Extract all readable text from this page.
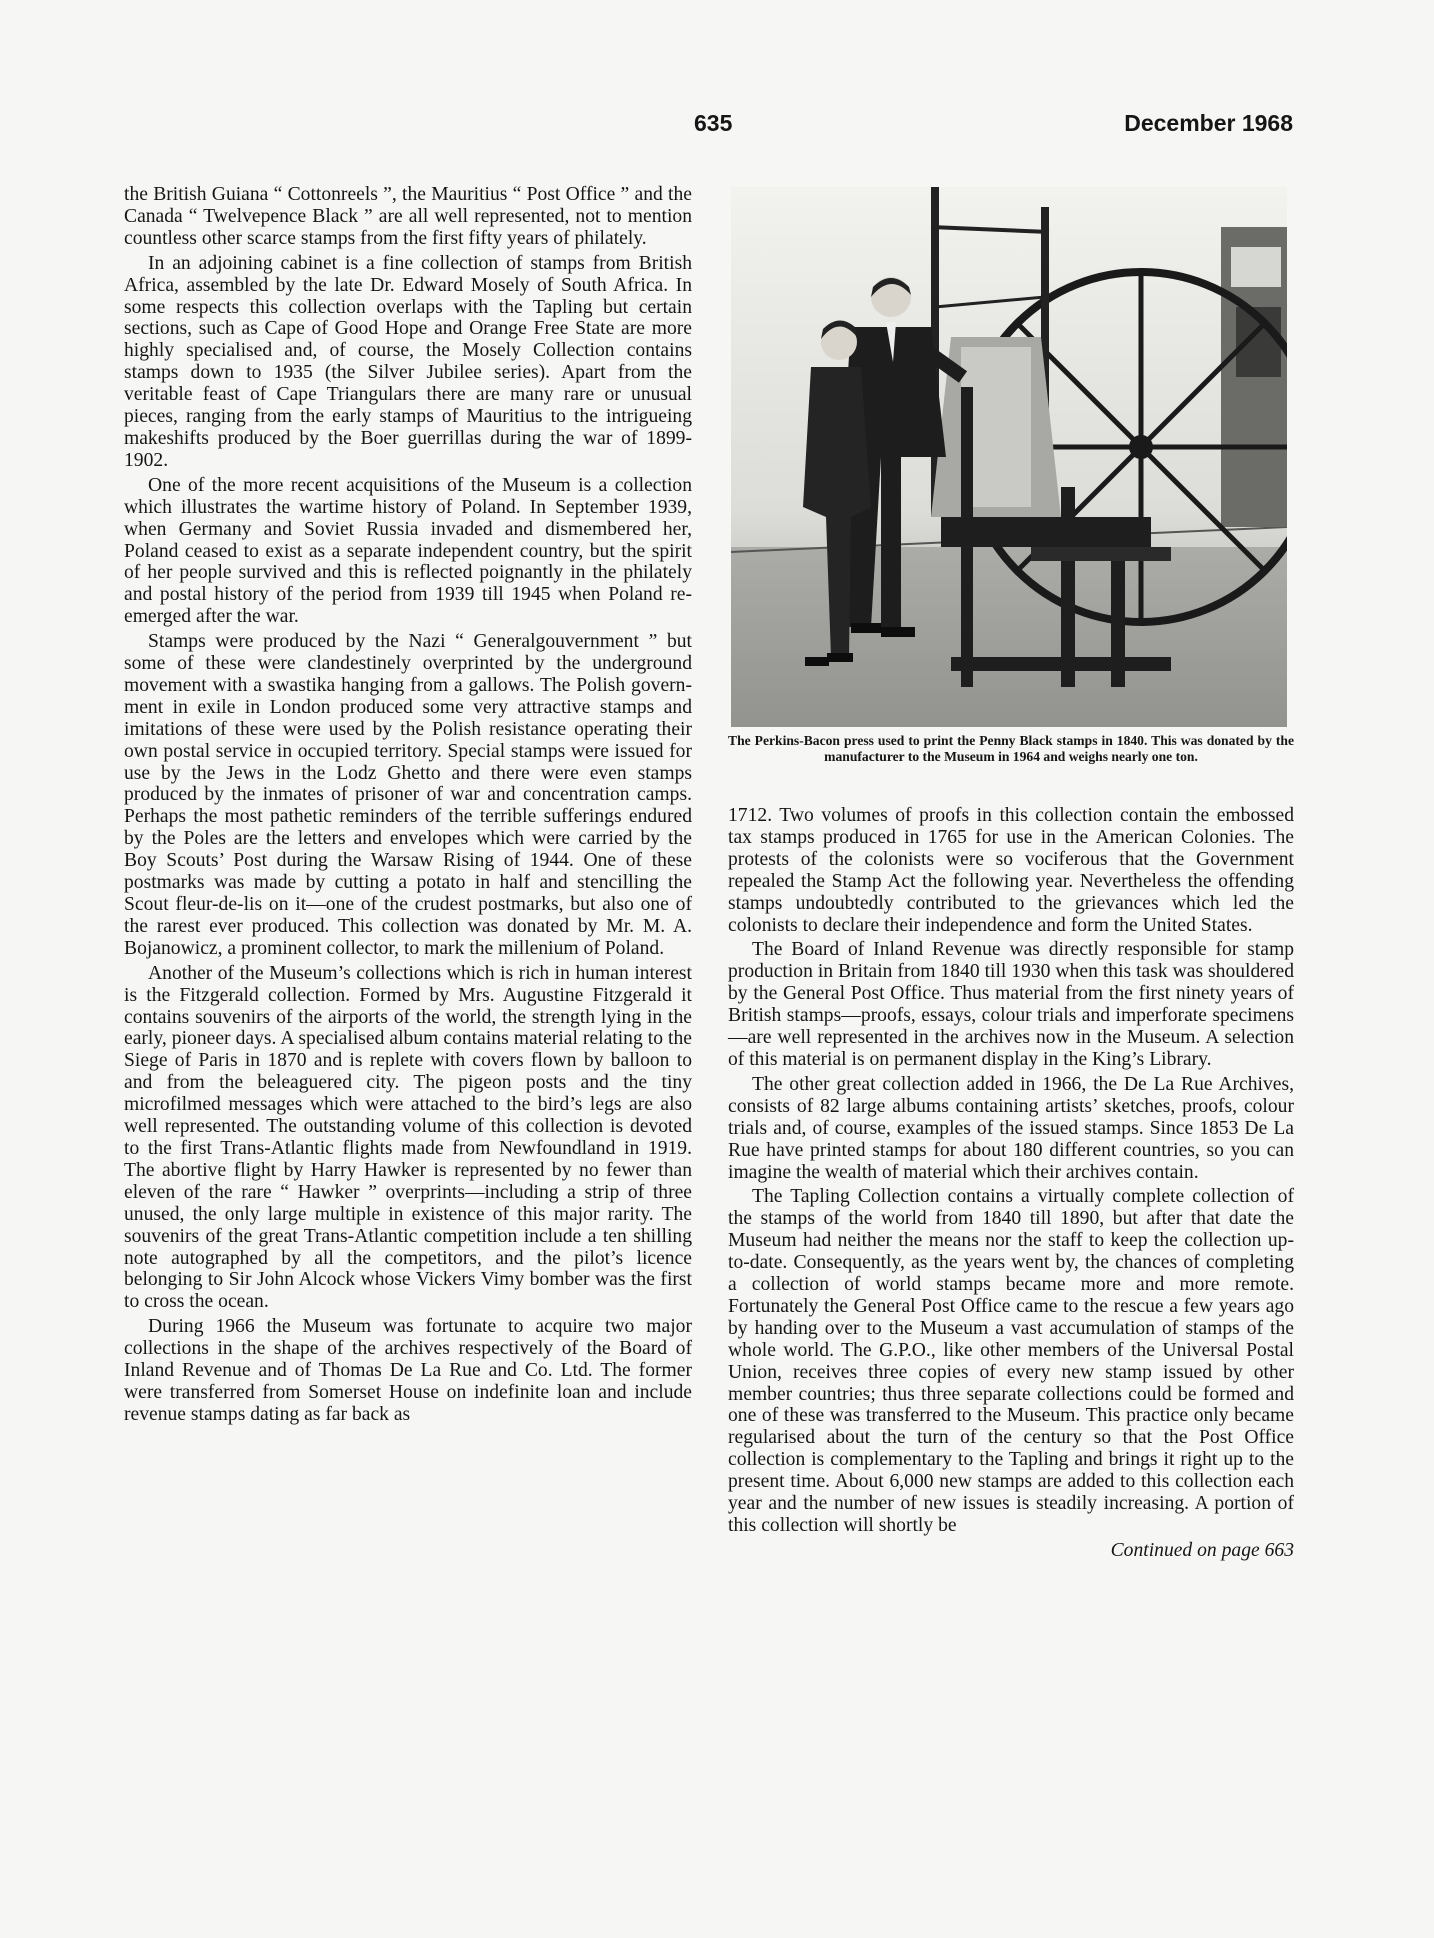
635	December 1968

the British Guiana “ Cottonreels ”, the Mauritius “ Post Office ” and the Canada “ Twelvepence Black ” are all well represented, not to mention countless other scarce stamps from the first fifty years of philately.

In an adjoining cabinet is a fine collection of stamps from British Africa, assembled by the late Dr. Edward Mosely of South Africa. In some respects this collection overlaps with the Tapling but certain sections, such as Cape of Good Hope and Orange Free State are more highly specialised and, of course, the Mosely Collection contains stamps down to 1935 (the Silver Jubilee series). Apart from the veritable feast of Cape Triangulars there are many rare or unusual pieces, ranging from the early stamps of Mauritius to the intrigueing makeshifts produced by the Boer guerrillas during the war of 1899-1902.

One of the more recent acquisitions of the Museum is a collection which illustrates the wartime history of Poland. In September 1939, when Germany and Soviet Russia invaded and dismembered her, Poland ceased to exist as a separate independent country, but the spirit of her people survived and this is reflected poignantly in the philately and postal history of the period from 1939 till 1945 when Poland re-emerged after the war.

Stamps were produced by the Nazi “ Generalgouvernment ” but some of these were clandestinely overprinted by the underground movement with a swastika hanging from a gallows. The Polish government in exile in London produced some very attractive stamps and imitations of these were used by the Polish resistance operating their own postal service in occupied territory. Special stamps were issued for use by the Jews in the Lodz Ghetto and there were even stamps produced by the inmates of prisoner of war and concentration camps. Perhaps the most pathetic reminders of the terrible sufferings endured by the Poles are the letters and envelopes which were carried by the Boy Scouts’ Post during the Warsaw Rising of 1944. One of these postmarks was made by cutting a potato in half and stencilling the Scout fleur-de-lis on it—one of the crudest postmarks, but also one of the rarest ever produced. This collection was donated by Mr. M. A. Bojanowicz, a prominent collector, to mark the millenium of Poland.

Another of the Museum’s collections which is rich in human interest is the Fitzgerald collection. Formed by Mrs. Augustine Fitzgerald it contains souvenirs of the airports of the world, the strength lying in the early, pioneer days. A specialised album contains material relating to the Siege of Paris in 1870 and is replete with covers flown by balloon to and from the beleaguered city. The pigeon posts and the tiny microfilmed messages which were attached to the bird’s legs are also well represented. The outstanding volume of this collection is devoted to the first Trans-Atlantic flights made from Newfoundland in 1919. The abortive flight by Harry Hawker is represented by no fewer than eleven of the rare “ Hawker ” overprints—including a strip of three unused, the only large multiple in existence of this major rarity. The souvenirs of the great Trans-Atlantic competition include a ten shilling note autographed by all the competitors, and the pilot’s licence belonging to Sir John Alcock whose Vickers Vimy bomber was the first to cross the ocean.

During 1966 the Museum was fortunate to acquire two major collections in the shape of the archives respectively of the Board of Inland Revenue and of Thomas De La Rue and Co. Ltd. The former were transferred from Somerset House on indefinite loan and include revenue stamps dating as far back as

The Perkins-Bacon press used to print the Penny Black stamps in 1840. This was donated by the manufacturer to the Museum in 1964 and weighs nearly one ton.

1712. Two volumes of proofs in this collection contain the embossed tax stamps produced in 1765 for use in the American Colonies. The protests of the colonists were so vociferous that the Government repealed the Stamp Act the following year. Nevertheless the offending stamps undoubtedly contributed to the grievances which led the colonists to declare their independence and form the United States.

The Board of Inland Revenue was directly responsible for stamp production in Britain from 1840 till 1930 when this task was shouldered by the General Post Office. Thus material from the first ninety years of British stamps—proofs, essays, colour trials and imperforate specimens—are well represented in the archives now in the Museum. A selection of this material is on permanent display in the King’s Library.

The other great collection added in 1966, the De La Rue Archives, consists of 82 large albums containing artists’ sketches, proofs, colour trials and, of course, examples of the issued stamps. Since 1853 De La Rue have printed stamps for about 180 different countries, so you can imagine the wealth of material which their archives contain.

The Tapling Collection contains a virtually complete collection of the stamps of the world from 1840 till 1890, but after that date the Museum had neither the means nor the staff to keep the collection up-to-date. Consequently, as the years went by, the chances of completing a collection of world stamps became more and more remote. Fortunately the General Post Office came to the rescue a few years ago by handing over to the Museum a vast accumulation of stamps of the whole world. The G.P.O., like other members of the Universal Postal Union, receives three copies of every new stamp issued by other member countries; thus three separate collections could be formed and one of these was transferred to the Museum. This practice only became regularised about the turn of the century so that the Post Office collection is complementary to the Tapling and brings it right up to the present time. About 6,000 new stamps are added to this collection each year and the number of new issues is steadily increasing. A portion of this collection will shortly be

Continued on page 663
